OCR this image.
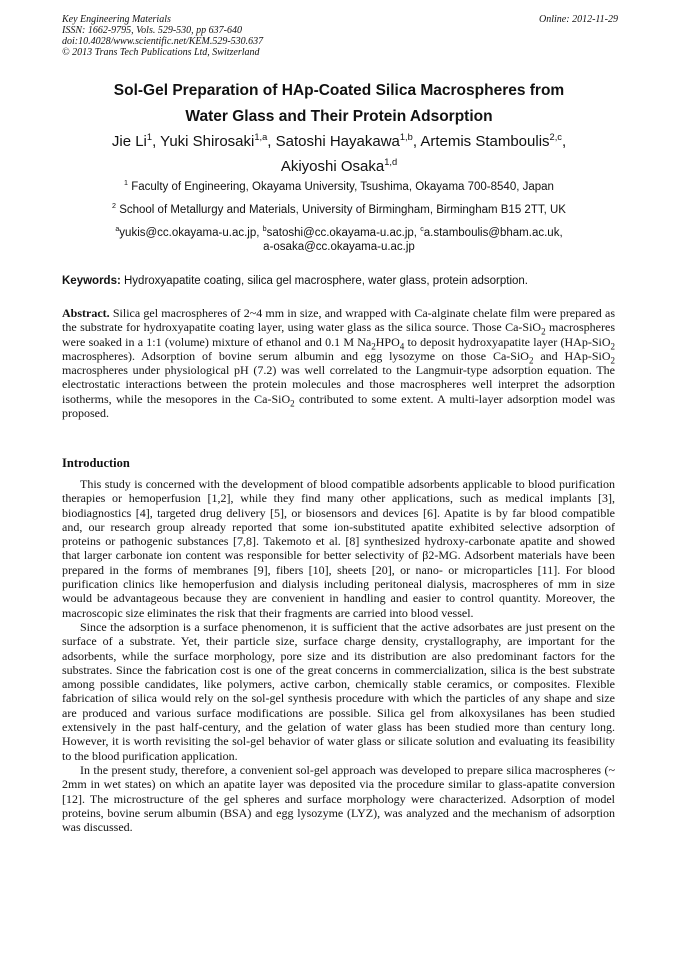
Key Engineering Materials
ISSN: 1662-9795, Vols. 529-530, pp 637-640
doi:10.4028/www.scientific.net/KEM.529-530.637
© 2013 Trans Tech Publications Ltd, Switzerland
Online: 2012-11-29
Sol-Gel Preparation of HAp-Coated Silica Macrospheres from
Water Glass and Their Protein Adsorption
Jie Li$^1$, Yuki Shirosaki$^{1,a}$, Satoshi Hayakawa$^{1,b}$, Artemis Stamboulis$^{2,c}$,
Akiyoshi Osaka$^{1,d}$
$^1$ Faculty of Engineering, Okayama University, Tsushima, Okayama 700-8540, Japan
$^2$ School of Metallurgy and Materials, University of Birmingham, Birmingham B15 2TT, UK
$^a$yukis@cc.okayama-u.ac.jp, $^b$satoshi@cc.okayama-u.ac.jp, $^c$a.stamboulis@bham.ac.uk,
a-osaka@cc.okayama-u.ac.jp
Keywords: Hydroxyapatite coating, silica gel macrosphere, water glass, protein adsorption.
Abstract. Silica gel macrospheres of 2~4 mm in size, and wrapped with Ca-alginate chelate film were prepared as the substrate for hydroxyapatite coating layer, using water glass as the silica source. Those Ca-SiO$_2$ macrospheres were soaked in a 1:1 (volume) mixture of ethanol and 0.1 M $Na_2HPO_4$ to deposit hydroxyapatite layer (HAp-SiO$_2$ macrospheres). Adsorption of bovine serum albumin and egg lysozyme on those Ca-SiO$_2$ and HAp-SiO$_2$ macrospheres under physiological pH (7.2) was well correlated to the Langmuir-type adsorption equation. The electrostatic interactions between the protein molecules and those macrospheres well interpret the adsorption isotherms, while the mesopores in the Ca-SiO$_2$ contributed to some extent. A multi-layer adsorption model was proposed.
Introduction

This study is concerned with the development of blood compatible adsorbents applicable to blood purification therapies or hemoperfusion [1,2], while they find many other applications, such as medical implants [3], biodiagnostics [4], targeted drug delivery [5], or biosensors and devices [6]. Apatite is by far blood compatible and, our research group already reported that some ion-substituted apatite exhibited selective adsorption of proteins or pathogenic substances [7,8]. Takemoto et al. [8] synthesized hydroxy-carbonate apatite and showed that larger carbonate ion content was responsible for better selectivity of β2-MG. Adsorbent materials have been prepared in the forms of membranes [9], fibers [10], sheets [20], or nano- or microparticles [11]. For blood purification clinics like hemoperfusion and dialysis including peritoneal dialysis, macrospheres of mm in size would be advantageous because they are convenient in handling and easier to control quantity. Moreover, the macroscopic size eliminates the risk that their fragments are carried into blood vessel.

Since the adsorption is a surface phenomenon, it is sufficient that the active adsorbates are just present on the surface of a substrate. Yet, their particle size, surface charge density, crystallography, are important for the adsorbents, while the surface morphology, pore size and its distribution are also predominant factors for the substrates. Since the fabrication cost is one of the great concerns in commercialization, silica is the best substrate among possible candidates, like polymers, active carbon, chemically stable ceramics, or composites. Flexible fabrication of silica would rely on the sol-gel synthesis procedure with which the particles of any shape and size are produced and various surface modifications are possible. Silica gel from alkoxysilanes has been studied extensively in the past half-century, and the gelation of water glass has been studied more than century long. However, it is worth revisiting the sol-gel behavior of water glass or silicate solution and evaluating its feasibility to the blood purification application.

In the present study, therefore, a convenient sol-gel approach was developed to prepare silica macrospheres (~ 2mm in wet states) on which an apatite layer was deposited via the procedure similar to glass-apatite conversion [12]. The microstructure of the gel spheres and surface morphology were characterized. Adsorption of model proteins, bovine serum albumin (BSA) and egg lysozyme (LYZ), was analyzed and the mechanism of adsorption was discussed.
